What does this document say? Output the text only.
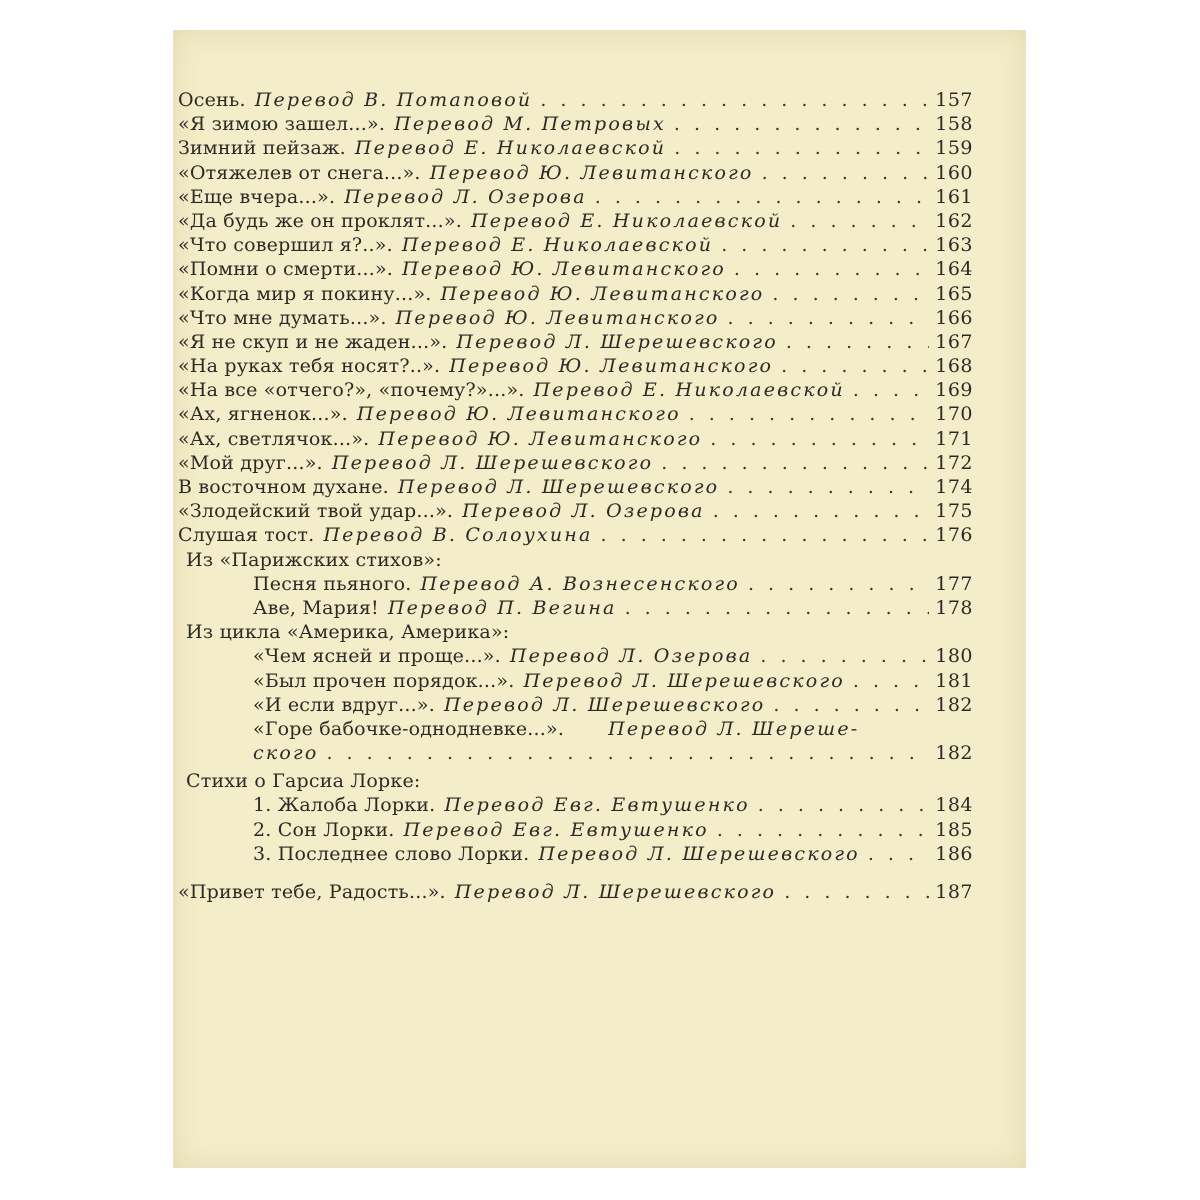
Осень. Перевод В. Потаповой . . .	157
«Я зимою зашел...». Перевод М. Петровых . . .	158
Зимний пейзаж. Перевод Е. Николаевской . . .	159
«Отяжелев от снега...». Перевод Ю. Левитанского . . .	160
«Еще вчера...». Перевод Л. Озерова . . .	161
«Да будь же он проклят...». Перевод Е. Николаевской . . .	162
«Что совершил я?..». Перевод Е. Николаевской . . .	163
«Помни о смерти...». Перевод Ю. Левитанского . . .	164
«Когда мир я покину...». Перевод Ю. Левитанского . . .	165
«Что мне думать...». Перевод Ю. Левитанского . . .	166
«Я не скуп и не жаден...». Перевод Л. Шерешевского . . .	167
«На руках тебя носят?..». Перевод Ю. Левитанского . . .	168
«На все «отчего?», «почему?»...». Перевод Е. Николаевской . . .	169
«Ах, ягненок...». Перевод Ю. Левитанского . . .	170
«Ах, светлячок...». Перевод Ю. Левитанского . . .	171
«Мой друг...». Перевод Л. Шерешевского . . .	172
В восточном духане. Перевод Л. Шерешевского . . .	174
«Злодейский твой удар...». Перевод Л. Озерова . . .	175
Слушая тост. Перевод В. Солоухина . . .	176
Из «Парижских стихов»:
Песня пьяного. Перевод А. Вознесенского . . .	177
Аве, Мария! Перевод П. Вегина . . .	178
Из цикла «Америка, Америка»:
«Чем ясней и проще...». Перевод Л. Озерова . . .	180
«Был прочен порядок...». Перевод Л. Шерешевского . . .	181
«И если вдруг...». Перевод Л. Шерешевского . . .	182
«Горе бабочке-однодневке...». Перевод Л. Шереше-
ского . . .	182
Стихи о Гарсиа Лорке:
1. Жалоба Лорки. Перевод Евг. Евтушенко . . .	184
2. Сон Лорки. Перевод Евг. Евтушенко . . .	185
3. Последнее слово Лорки. Перевод Л. Шерешевского . . .	186
«Привет тебе, Радость...». Перевод Л. Шерешевского . . .	187
